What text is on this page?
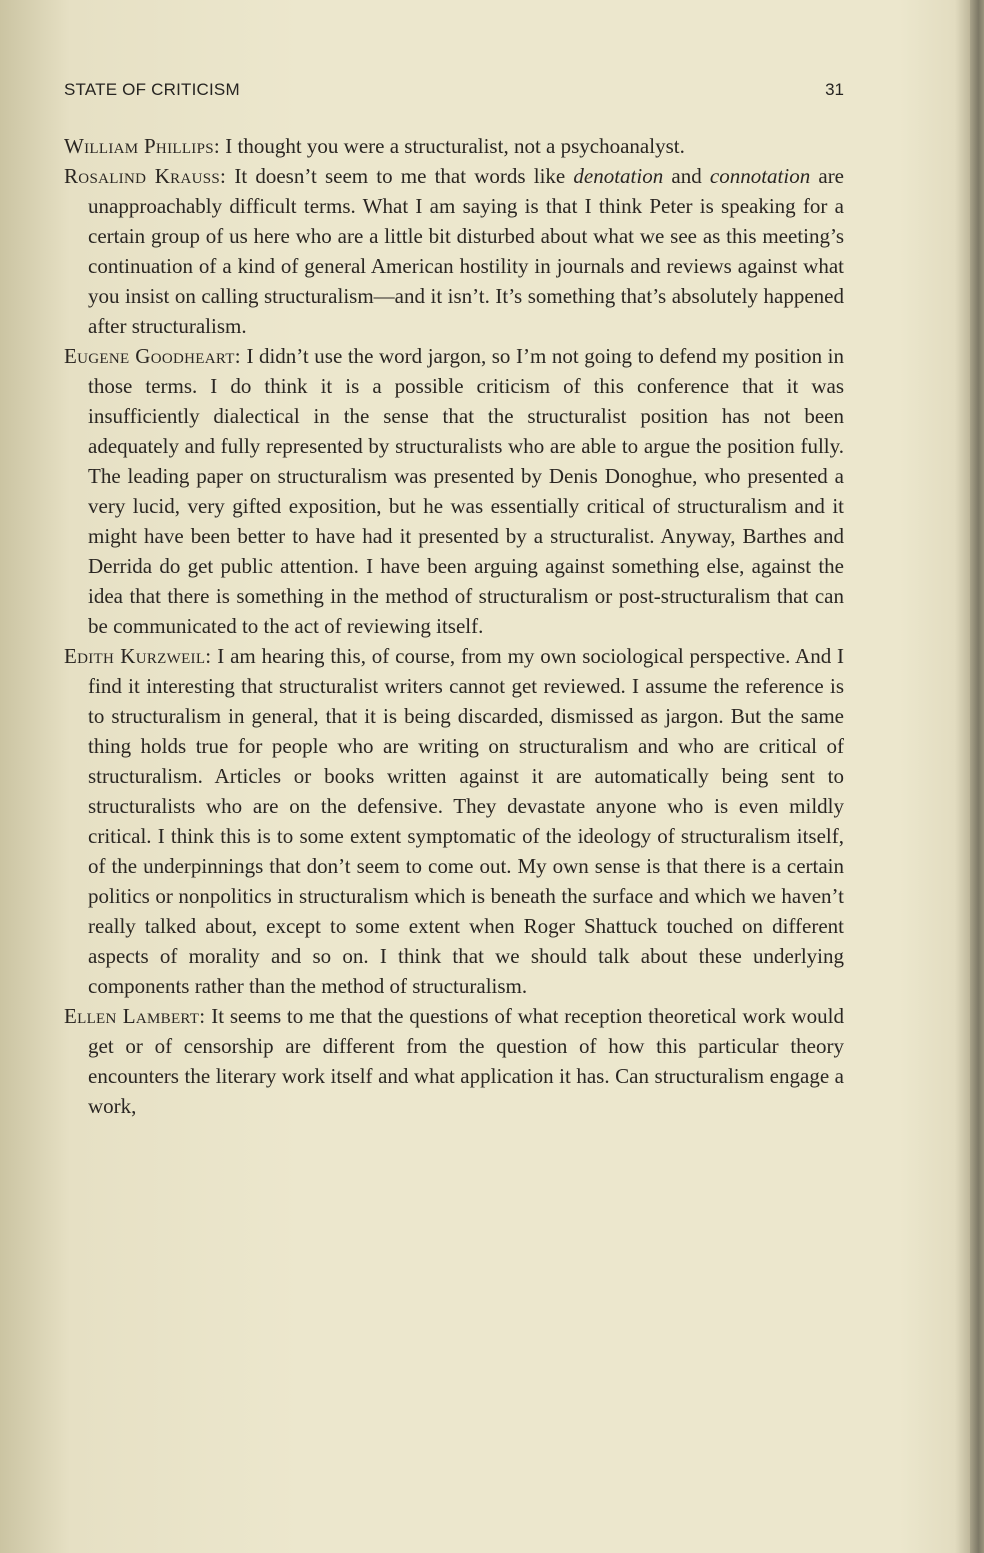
STATE OF CRITICISM	31

William Phillips: I thought you were a structuralist, not a psychoanalyst.

Rosalind Krauss: It doesn’t seem to me that words like denotation and connotation are unapproachably difficult terms. What I am saying is that I think Peter is speaking for a certain group of us here who are a little bit disturbed about what we see as this meeting’s continuation of a kind of general American hostility in journals and reviews against what you insist on calling structuralism—and it isn’t. It’s something that’s absolutely happened after structuralism.

Eugene Goodheart: I didn’t use the word jargon, so I’m not going to defend my position in those terms. I do think it is a possible criticism of this conference that it was insufficiently dialectical in the sense that the structuralist position has not been adequately and fully represented by structuralists who are able to argue the position fully. The leading paper on structuralism was presented by Denis Donoghue, who presented a very lucid, very gifted exposition, but he was essentially critical of structuralism and it might have been better to have had it presented by a structuralist. Anyway, Barthes and Derrida do get public attention. I have been arguing against something else, against the idea that there is something in the method of structuralism or post-structuralism that can be communicated to the act of reviewing itself.

Edith Kurzweil: I am hearing this, of course, from my own sociological perspective. And I find it interesting that structuralist writers cannot get reviewed. I assume the reference is to structuralism in general, that it is being discarded, dismissed as jargon. But the same thing holds true for people who are writing on structuralism and who are critical of structuralism. Articles or books written against it are automatically being sent to structuralists who are on the defensive. They devastate anyone who is even mildly critical. I think this is to some extent symptomatic of the ideology of structuralism itself, of the underpinnings that don’t seem to come out. My own sense is that there is a certain politics or nonpolitics in structuralism which is beneath the surface and which we haven’t really talked about, except to some extent when Roger Shattuck touched on different aspects of morality and so on. I think that we should talk about these underlying components rather than the method of structuralism.

Ellen Lambert: It seems to me that the questions of what reception theoretical work would get or of censorship are different from the question of how this particular theory encounters the literary work itself and what application it has. Can structuralism engage a work,
